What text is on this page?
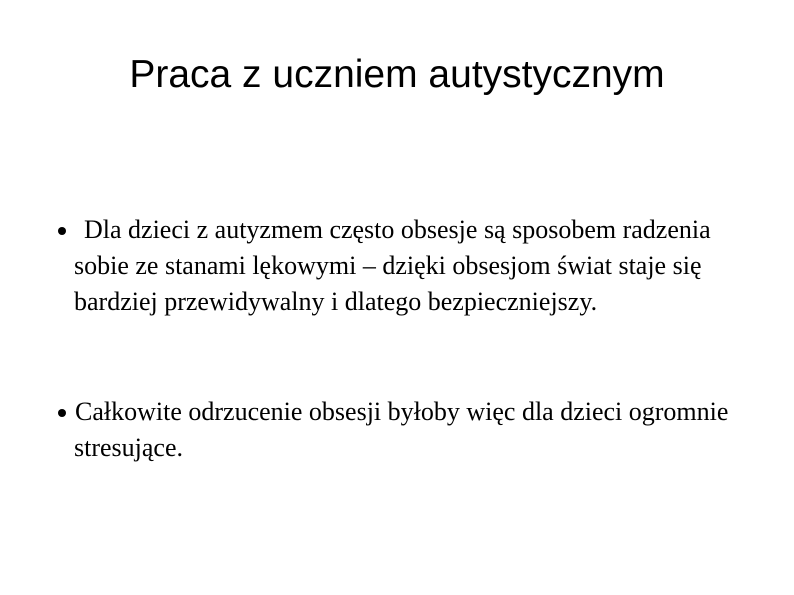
Praca z uczniem autystycznym
Dla dzieci z autyzmem często obsesje są sposobem radzenia sobie ze stanami lękowymi – dzięki obsesjom świat staje się bardziej przewidywalny i dlatego bezpieczniejszy.
Całkowite odrzucenie obsesji byłoby więc dla dzieci ogromnie stresujące.
